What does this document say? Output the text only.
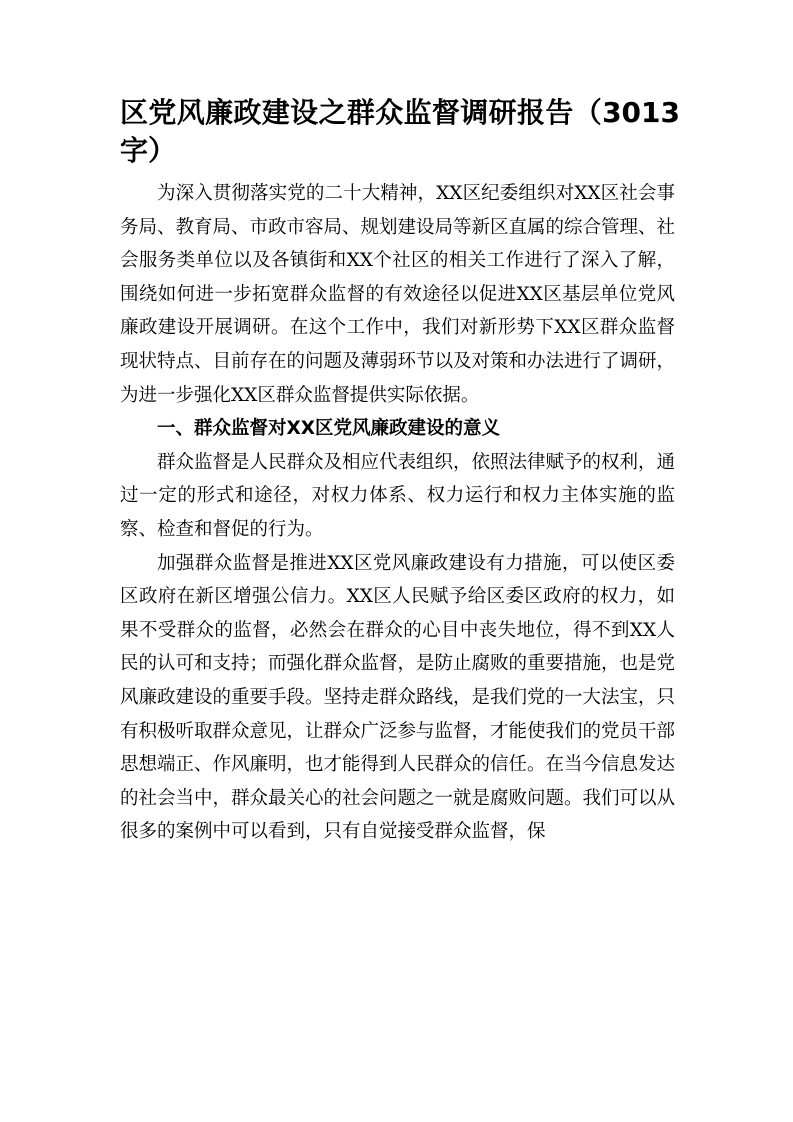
区党风廉政建设之群众监督调研报告（3013字）

为深入贯彻落实党的二十大精神，XX区纪委组织对XX区社会事务局、教育局、市政市容局、规划建设局等新区直属的综合管理、社会服务类单位以及各镇街和XX个社区的相关工作进行了深入了解，围绕如何进一步拓宽群众监督的有效途径以促进XX区基层单位党风廉政建设开展调研。在这个工作中，我们对新形势下XX区群众监督现状特点、目前存在的问题及薄弱环节以及对策和办法进行了调研，为进一步强化XX区群众监督提供实际依据。

一、群众监督对XX区党风廉政建设的意义

群众监督是人民群众及相应代表组织，依照法律赋予的权利，通过一定的形式和途径，对权力体系、权力运行和权力主体实施的监察、检查和督促的行为。

加强群众监督是推进XX区党风廉政建设有力措施，可以使区委区政府在新区增强公信力。XX区人民赋予给区委区政府的权力，如果不受群众的监督，必然会在群众的心目中丧失地位，得不到XX人民的认可和支持；而强化群众监督，是防止腐败的重要措施，也是党风廉政建设的重要手段。坚持走群众路线，是我们党的一大法宝，只有积极听取群众意见，让群众广泛参与监督，才能使我们的党员干部思想端正、作风廉明，也才能得到人民群众的信任。在当今信息发达的社会当中，群众最关心的社会问题之一就是腐败问题。我们可以从很多的案例中可以看到，只有自觉接受群众监督，保
